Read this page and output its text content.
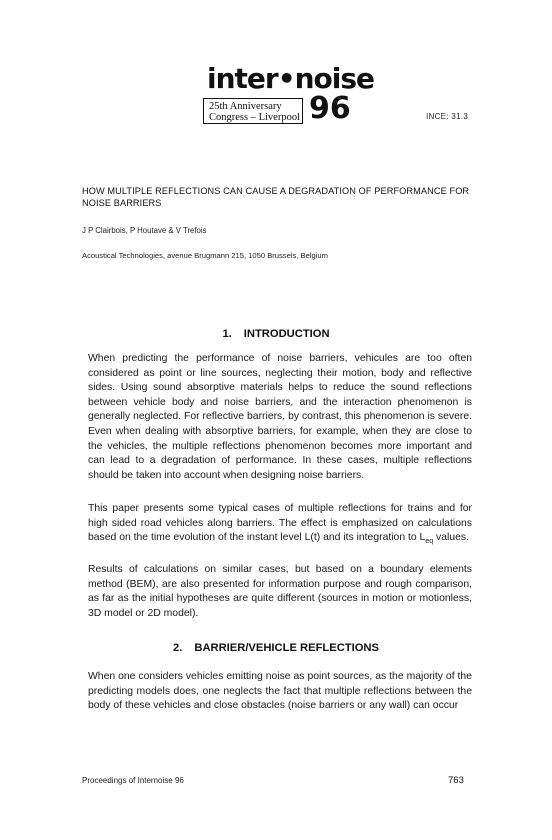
inter•noise
25th Anniversary
Congress – Liverpool 96	INCE: 31.3
HOW MULTIPLE REFLECTIONS CAN CAUSE A DEGRADATION OF PERFORMANCE FOR NOISE BARRIERS
J P Clairbois, P Houtave & V Trefois
Acoustical Technologies, avenue Brugmann 215, 1050 Brussels, Belgium
1. INTRODUCTION
When predicting the performance of noise barriers, vehicules are too often considered as point or line sources, neglecting their motion, body and reflective sides. Using sound absorptive materials helps to reduce the sound reflections between vehicle body and noise barriers, and the interaction phenomenon is generally neglected. For reflective barriers, by contrast, this phenomenon is severe. Even when dealing with absorptive barriers, for example, when they are close to the vehicles, the multiple reflections phenomenon becomes more important and can lead to a degradation of performance. In these cases, multiple reflections should be taken into account when designing noise barriers.
This paper presents some typical cases of multiple reflections for trains and for high sided road vehicles along barriers. The effect is emphasized on calculations based on the time evolution of the instant level L(t) and its integration to $L_{eq}$ values.
Results of calculations on similar cases, but based on a boundary elements method (BEM), are also presented for information purpose and rough comparison, as far as the initial hypotheses are quite different (sources in motion or motionless, 3D model or 2D model).
2. BARRIER/VEHICLE REFLECTIONS
When one considers vehicles emitting noise as point sources, as the majority of the predicting models does, one neglects the fact that multiple reflections between the body of these vehicles and close obstacles (noise barriers or any wall) can occur
Proceedings of Internoise 96	763
